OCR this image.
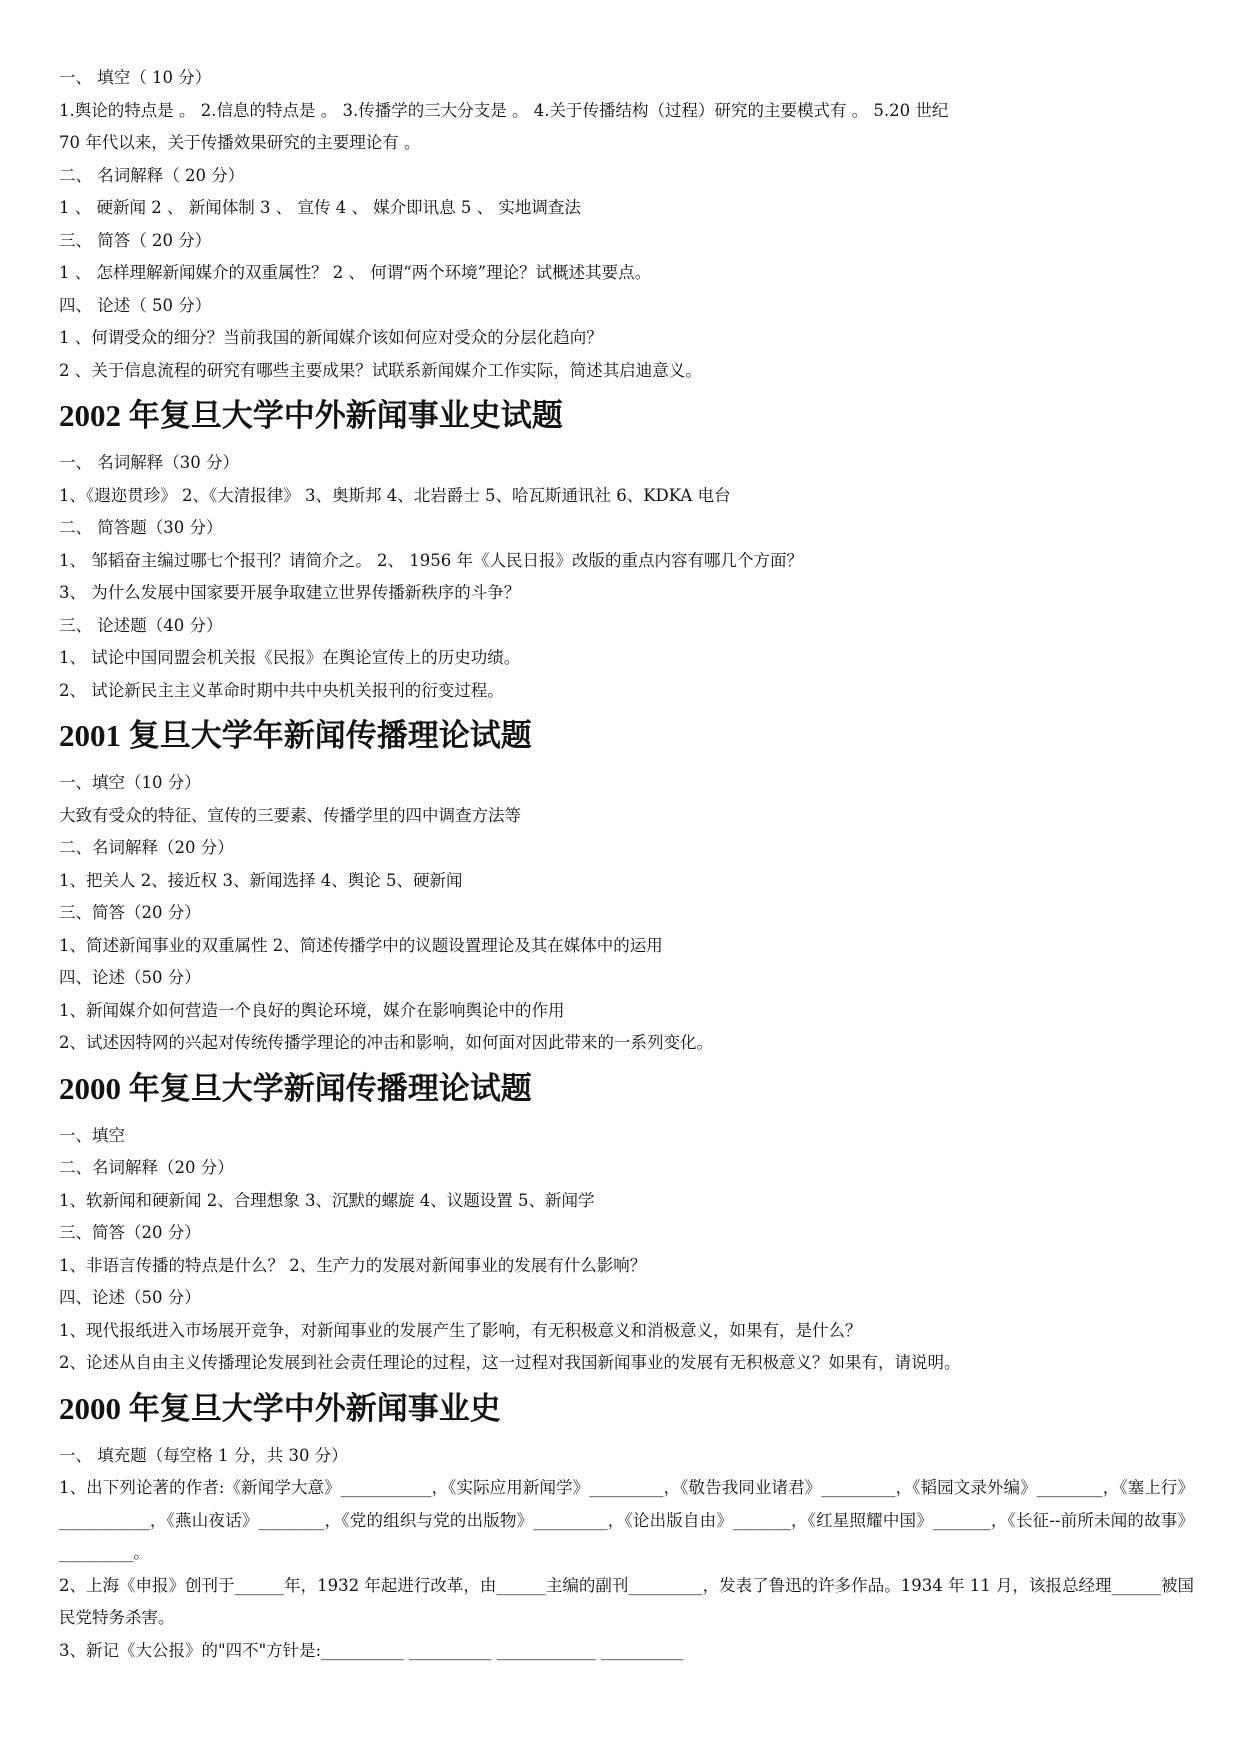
一、 填空（ 10 分）

1.舆论的特点是 。 2.信息的特点是 。 3.传播学的三大分支是 。 4.关于传播结构（过程）研究的主要模式有 。 5.20 世纪

70 年代以来，关于传播效果研究的主要理论有 。

二、 名词解释（ 20 分）

1 、 硬新闻 2 、 新闻体制 3 、 宣传 4 、 媒介即讯息 5 、 实地调查法

三、 简答（ 20 分）

1 、 怎样理解新闻媒介的双重属性？ 2 、 何谓“两个环境”理论？试概述其要点。

四、 论述（ 50 分）

1 、何谓受众的细分？当前我国的新闻媒介该如何应对受众的分层化趋向？

2 、关于信息流程的研究有哪些主要成果？试联系新闻媒介工作实际，简述其启迪意义。

2002 年复旦大学中外新闻事业史试题

一、 名词解释（30 分）

1、《遐迩贯珍》 2、《大清报律》 3、奥斯邦 4、北岩爵士 5、哈瓦斯通讯社 6、KDKA 电台

二、 简答题（30 分）

1、 邹韬奋主编过哪七个报刊？请简介之。 2、 1956 年《人民日报》改版的重点内容有哪几个方面？

3、 为什么发展中国家要开展争取建立世界传播新秩序的斗争？

三、 论述题（40 分）

1、 试论中国同盟会机关报《民报》在舆论宣传上的历史功绩。

2、 试论新民主主义革命时期中共中央机关报刊的衍变过程。

2001 复旦大学年新闻传播理论试题

一、填空（10 分）

大致有受众的特征、宣传的三要素、传播学里的四中调查方法等

二、名词解释（20 分）

1、把关人 2、接近权 3、新闻选择 4、舆论 5、硬新闻

三、简答（20 分）

1、简述新闻事业的双重属性 2、简述传播学中的议题设置理论及其在媒体中的运用

四、论述（50 分）

1、新闻媒介如何营造一个良好的舆论环境，媒介在影响舆论中的作用

2、试述因特网的兴起对传统传播学理论的冲击和影响，如何面对因此带来的一系列变化。

2000 年复旦大学新闻传播理论试题

一、填空

二、名词解释（20 分）

1、软新闻和硬新闻 2、合理想象 3、沉默的螺旋 4、议题设置 5、新闻学

三、简答（20 分）

1、非语言传播的特点是什么？ 2、生产力的发展对新闻事业的发展有什么影响？

四、论述（50 分）

1、现代报纸进入市场展开竞争，对新闻事业的发展产生了影响，有无积极意义和消极意义，如果有，是什么？

2、论述从自由主义传播理论发展到社会责任理论的过程，这一过程对我国新闻事业的发展有无积极意义？如果有，请说明。

2000 年复旦大学中外新闻事业史

一、 填充题（每空格 1 分，共 30 分）

1、出下列论著的作者:《新闻学大意》___________，《实际应用新闻学》_________，《敬告我同业诸君》_________，《韬园文录外编》________，《塞上行》___________，《燕山夜话》________，《党的组织与党的出版物》_________，《论出版自由》_______，《红星照耀中国》_______，《长征--前所未闻的故事》_________。

2、上海《申报》创刊于______年，1932 年起进行改革，由______主编的副刊_________，发表了鲁迅的许多作品。1934 年 11 月，该报总经理______被国民党特务杀害。

3、新记《大公报》的"四不"方针是:__________ __________ ____________ __________
